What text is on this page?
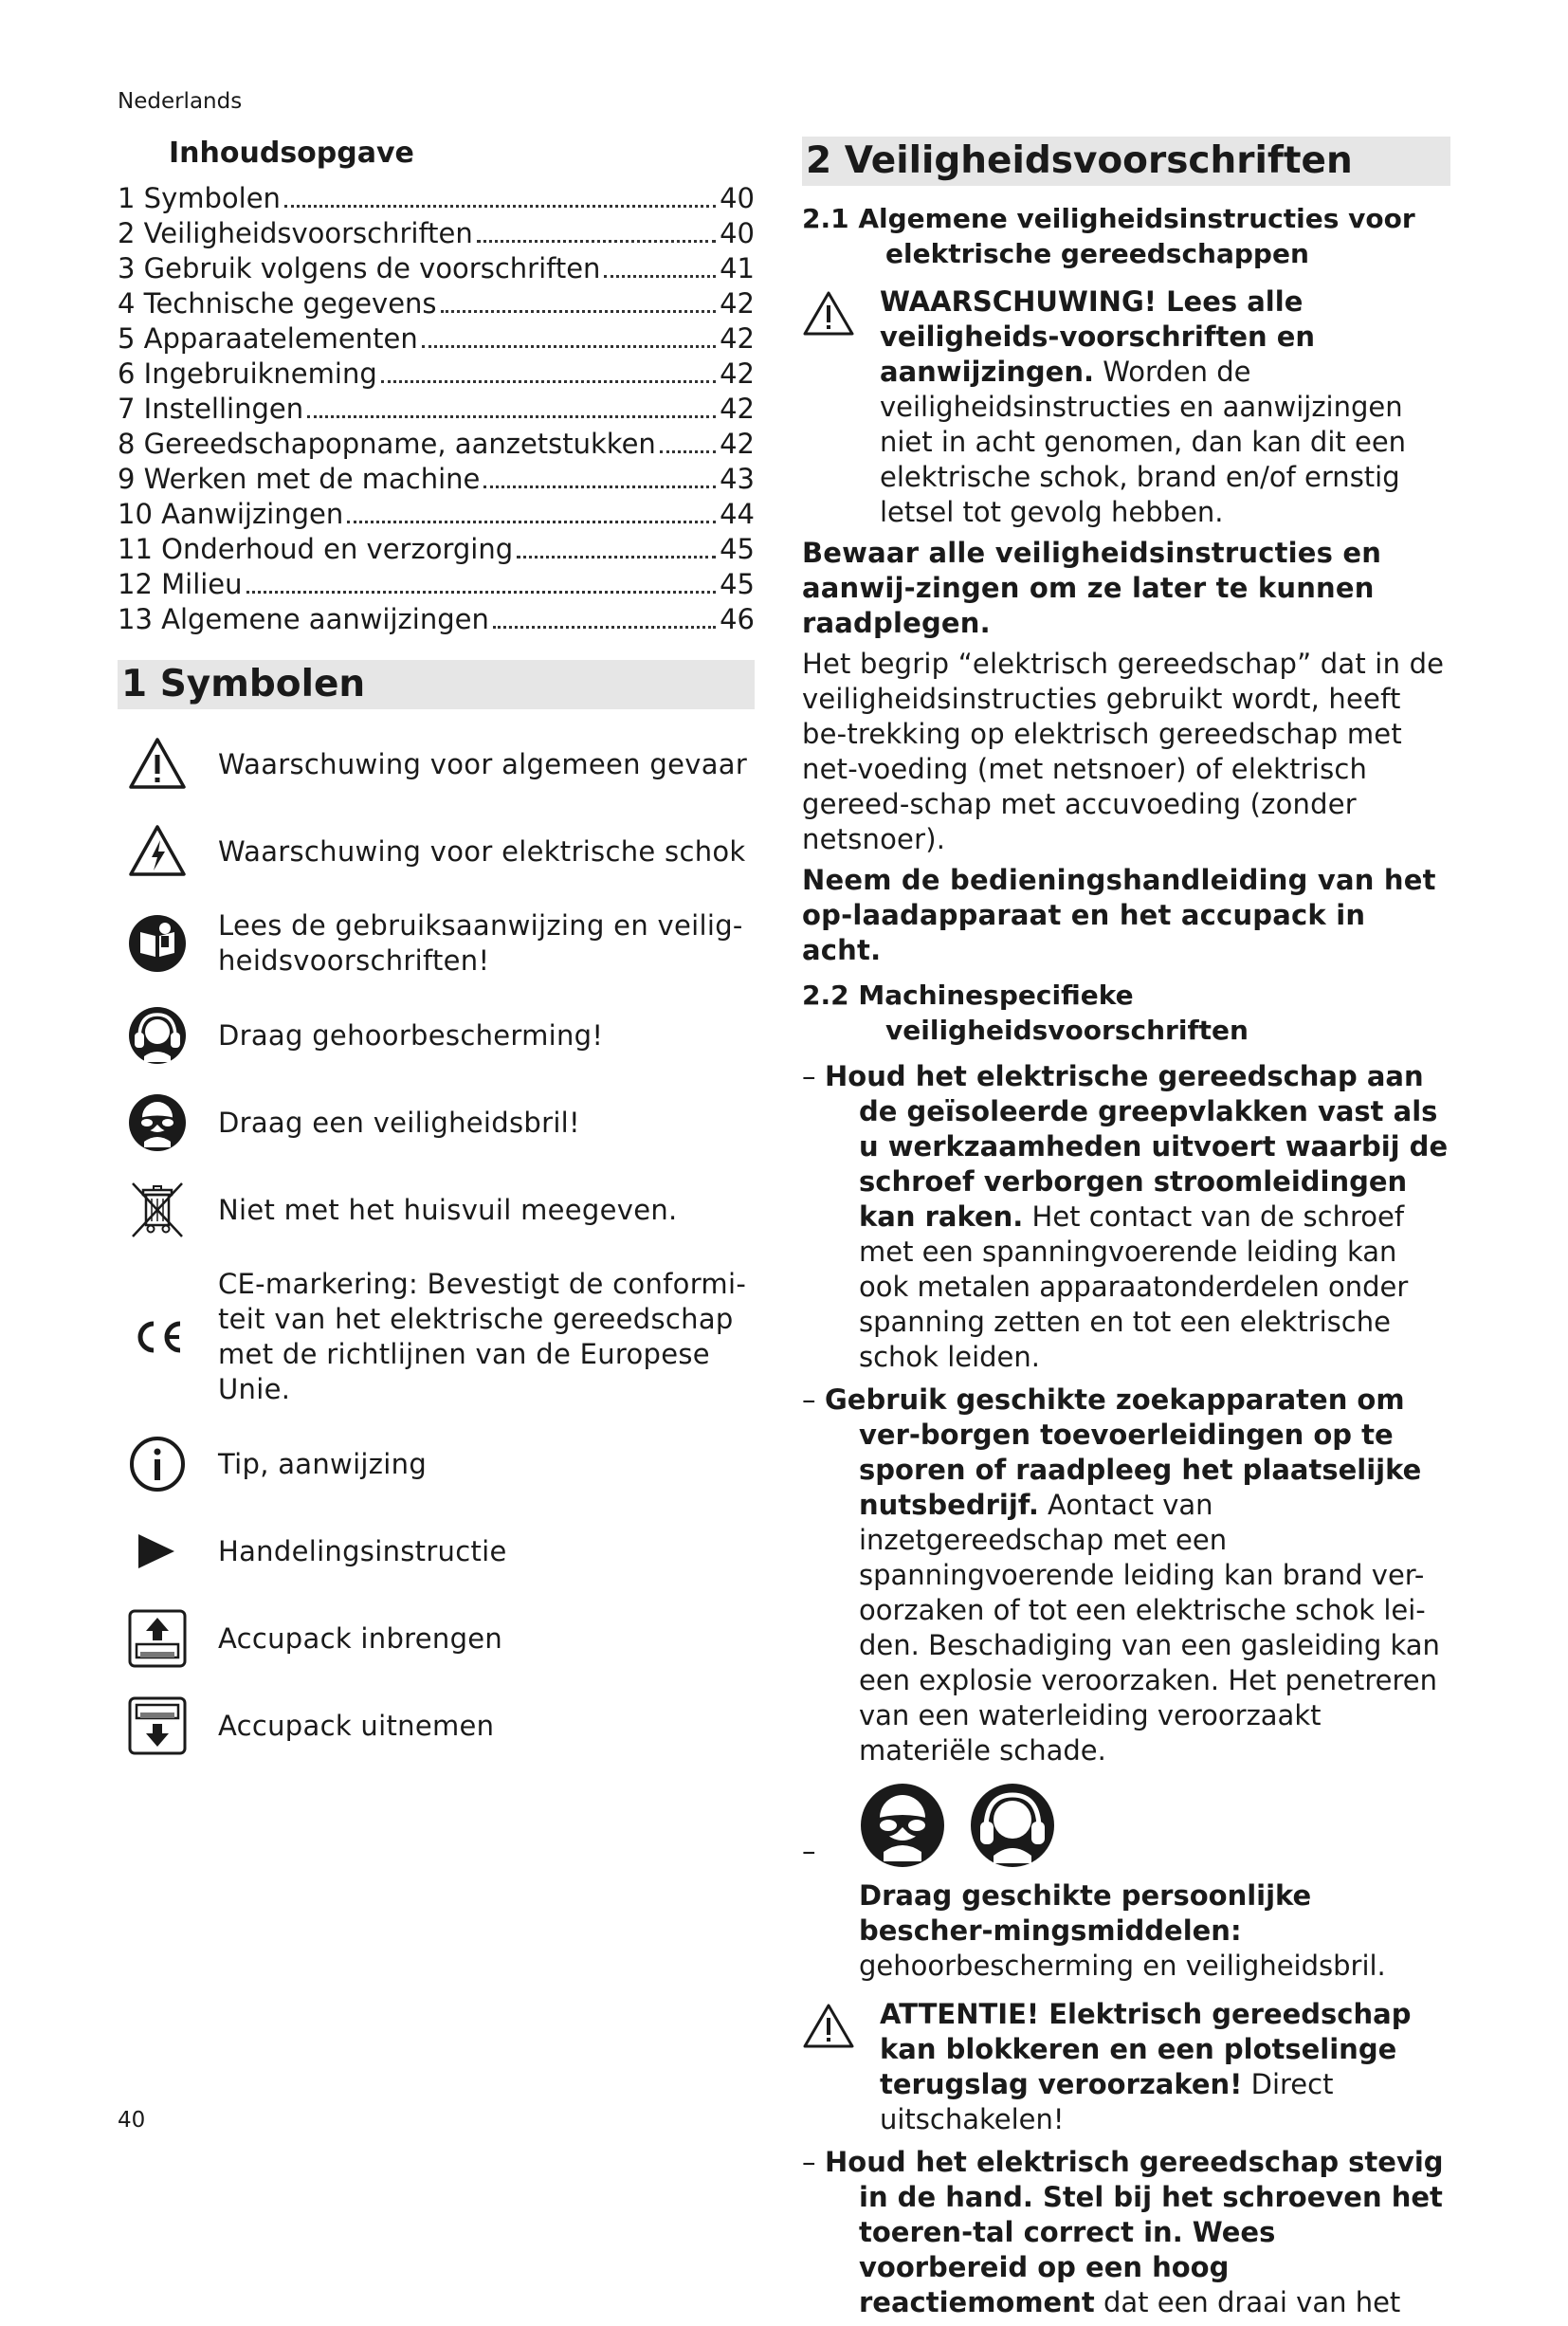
Nederlands
Inhoudsopgave
1 Symbolen	40
2 Veiligheidsvoorschriften	40
3 Gebruik volgens de voorschriften	41
4 Technische gegevens	42
5 Apparaatelementen	42
6 Ingebruikneming	42
7 Instellingen	42
8 Gereedschapopname, aanzetstukken 42
9 Werken met de machine	43
10 Aanwijzingen	44
11 Onderhoud en verzorging	45
12 Milieu	45
13 Algemene aanwijzingen	46
1 Symbolen
Waarschuwing voor algemeen gevaar
Waarschuwing voor elektrische schok
Lees de gebruiksaanwijzing en veilig-heidsvoorschriften!
Draag gehoorbescherming!
Draag een veiligheidsbril!
Niet met het huisvuil meegeven.
CE-markering: Bevestigt de conformi-teit van het elektrische gereedschap met de richtlijnen van de Europese Unie.
Tip, aanwijzing
Handelingsinstructie
Accupack inbrengen
Accupack uitnemen
2 Veiligheidsvoorschriften
2.1 Algemene veiligheidsinstructies voor
elektrische gereedschappen
WAARSCHUWING! Lees alle veiligheids-voorschriften en aanwijzingen. Worden de veiligheidsinstructies en aanwijzingen niet in acht genomen, dan kan dit een elektrische schok, brand en/of ernstig letsel tot gevolg hebben.

Bewaar alle veiligheidsinstructies en aanwij-zingen om ze later te kunnen raadplegen.

Het begrip “elektrisch gereedschap” dat in de veiligheidsinstructies gebruikt wordt, heeft be-trekking op elektrisch gereedschap met net-voeding (met netsnoer) of elektrisch gereed-schap met accuvoeding (zonder netsnoer).

Neem de bedieningshandleiding van het op-laadapparaat en het accupack in acht.

2.2 Machinespecifieke
veiligheidsvoorschriften
– Houd het elektrische gereedschap aan de geïsoleerde greepvlakken vast als u werkzaamheden uitvoert waarbij de schroef verborgen stroomleidingen kan raken. Het contact van de schroef met een spanningvoerende leiding kan ook metalen apparaatonderdelen onder spanning zetten en tot een elektrische schok leiden.
– Gebruik geschikte zoekapparaten om ver-borgen toevoerleidingen op te sporen of raadpleeg het plaatselijke nutsbedrijf. Aontact van inzetgereedschap met een spanningvoerende leiding kan brand ver-oorzaken of tot een elektrische schok lei-den. Beschadiging van een gasleiding kan een explosie veroorzaken. Het penetreren van een waterleiding veroorzaakt materiële schade.
–
Draag geschikte persoonlijke bescher-mingsmiddelen: gehoorbescherming en veiligheidsbril.
ATTENTIE! Elektrisch gereedschap kan blokkeren en een plotselinge terugslag veroorzaken! Direct uitschakelen!
– Houd het elektrisch gereedschap stevig in de hand. Stel bij het schroeven het toeren-tal correct in. Wees voorbereid op een hoog reactiemoment dat een draai van het
40
